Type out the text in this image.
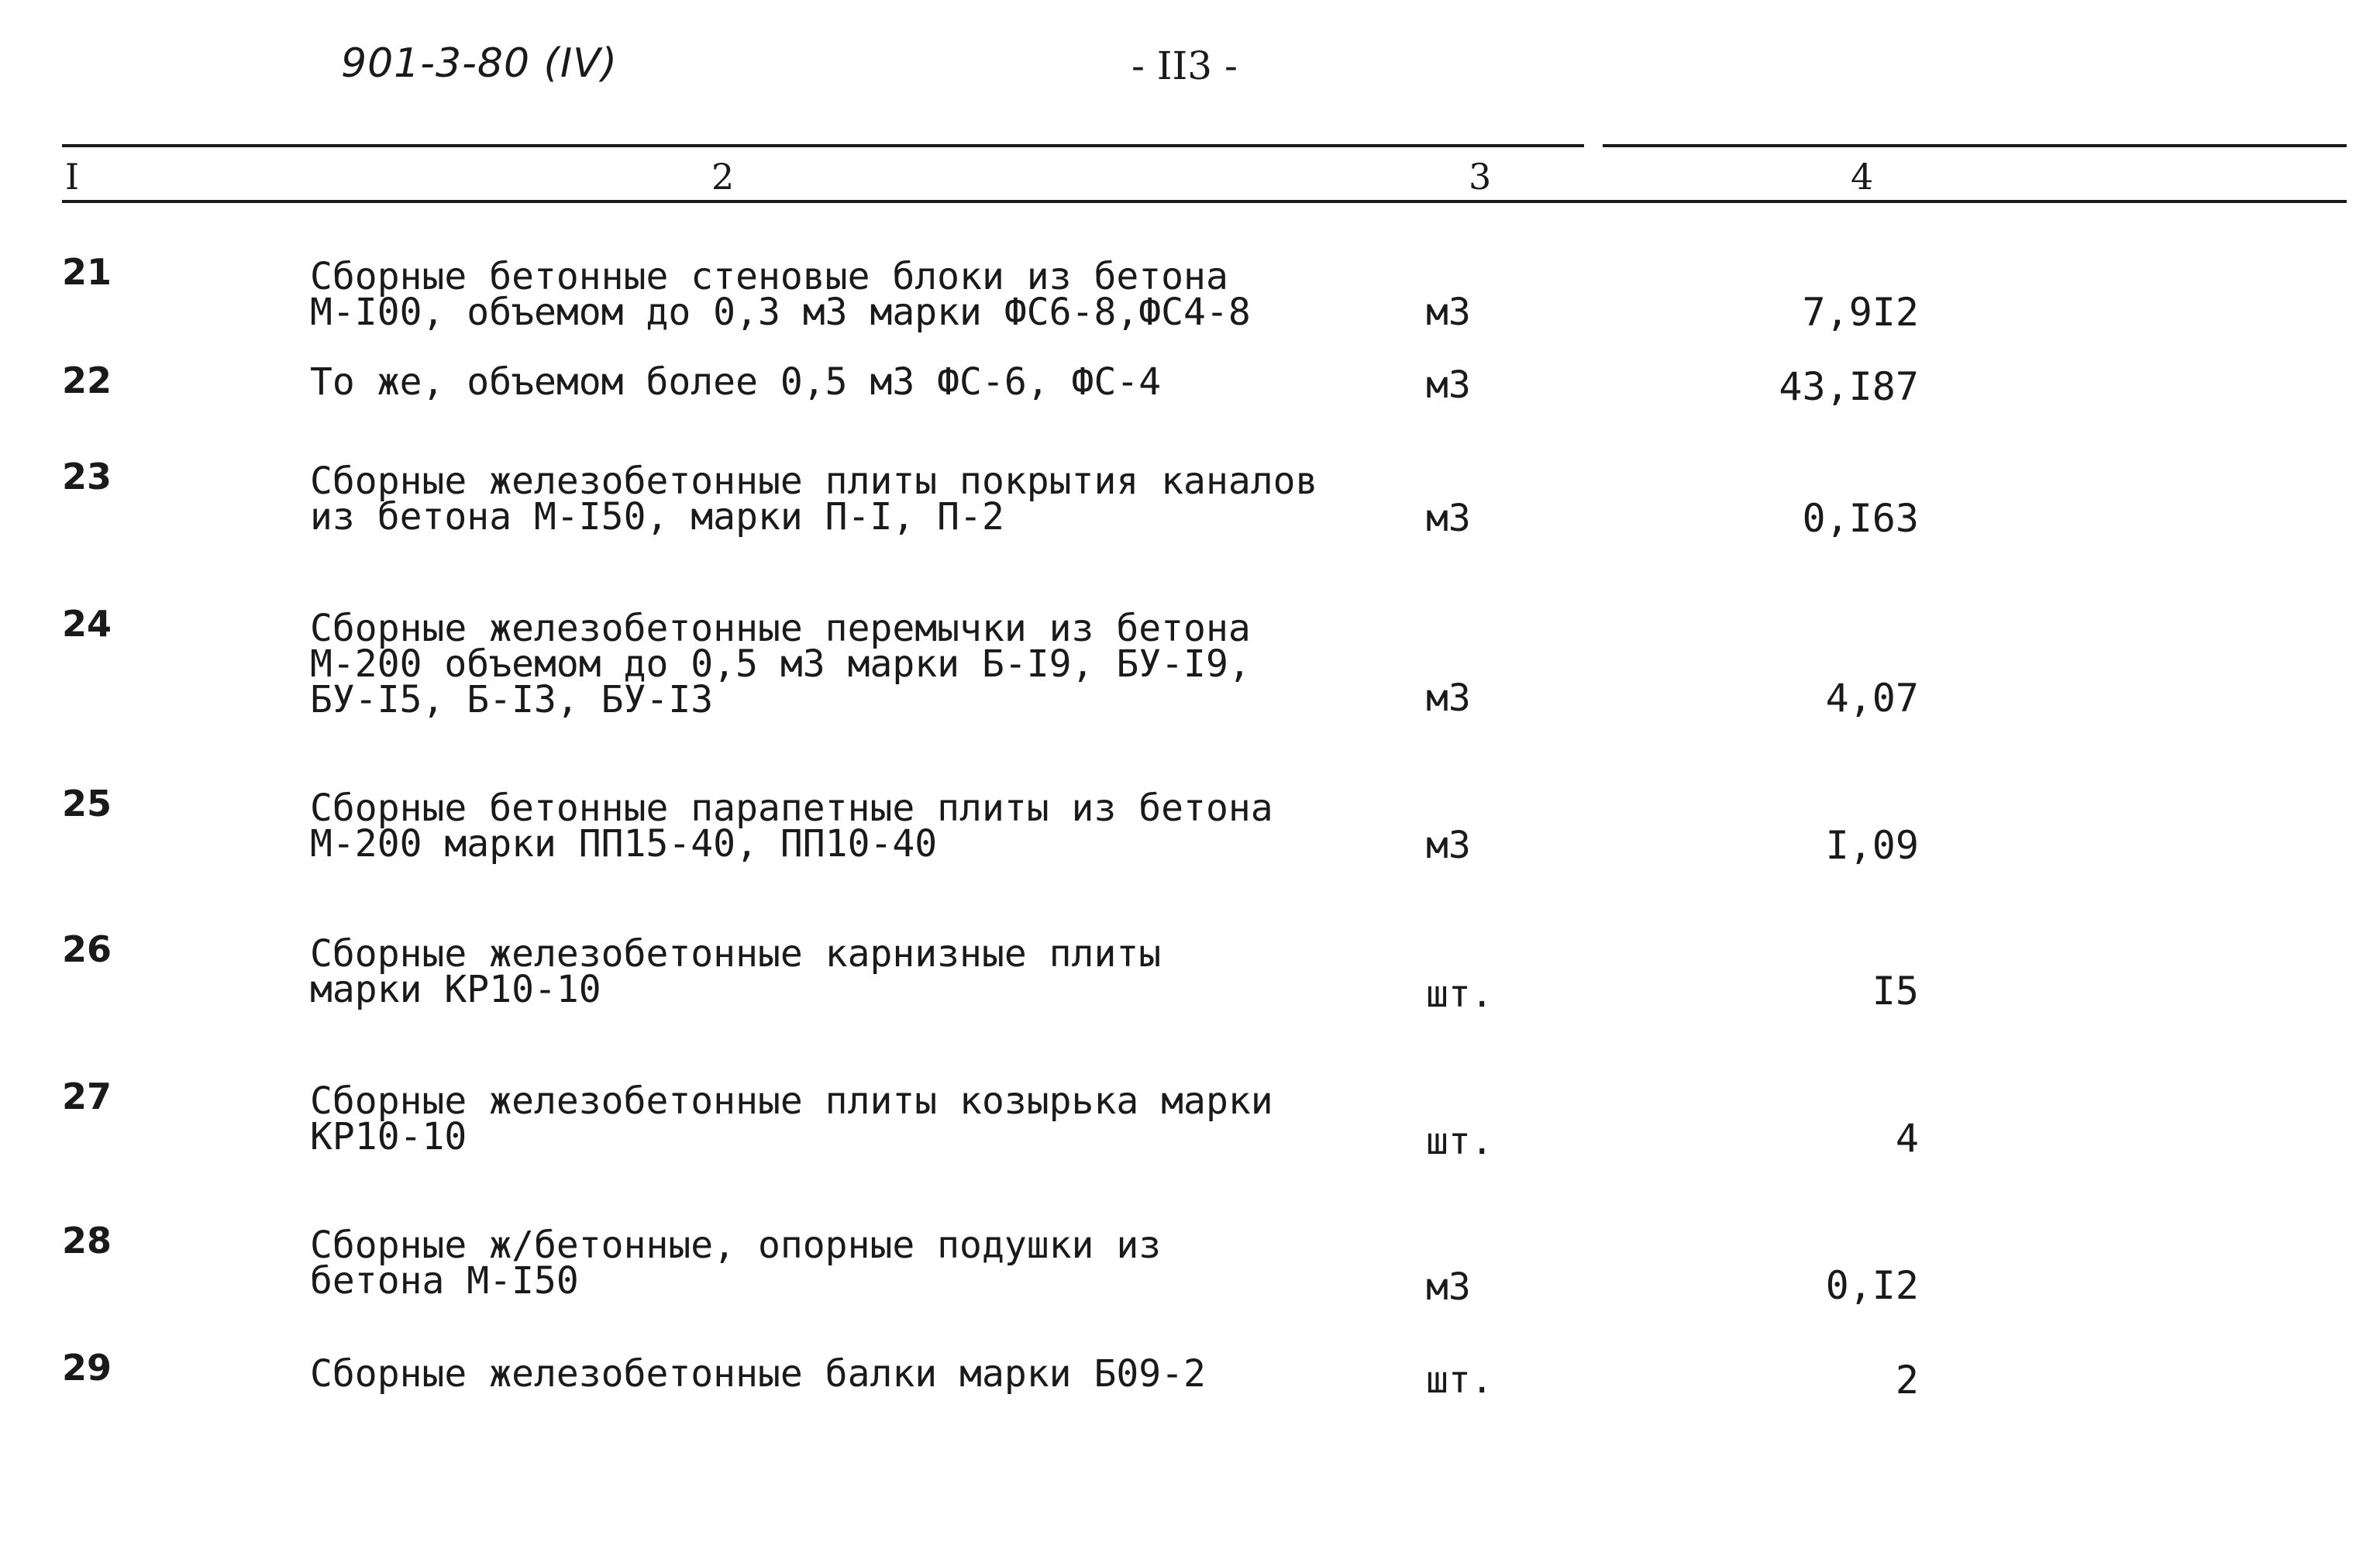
901-3-80 (IV)	- II3 -
I	2	3	4
21	Сборные бетонные стеновые блоки из бетона
М-I00, объемом до 0,3 м3 марки ФС6-8,ФС4-8	м3	7,9I2
22	То же, объемом более 0,5 м3 ФС-6, ФС-4	м3	43,I87
23	Сборные железобетонные плиты покрытия каналов
из бетона М-I50, марки П-I, П-2	м3	0,I63
24	Сборные железобетонные перемычки из бетона
М-200 объемом до 0,5 м3 марки Б-I9, БУ-I9,
БУ-I5, Б-I3, БУ-I3	м3	4,07
25	Сборные бетонные парапетные плиты из бетона
М-200 марки ПП15-40, ПП10-40	м3	I,09
26	Сборные железобетонные карнизные плиты
марки КР10-10	шт.	I5
27	Сборные железобетонные плиты козырька марки
КР10-10	шт.	4
28	Сборные ж/бетонные, опорные подушки из
бетона М-I50	м3	0,I2
29	Сборные железобетонные балки марки Б09-2	шт.	2
